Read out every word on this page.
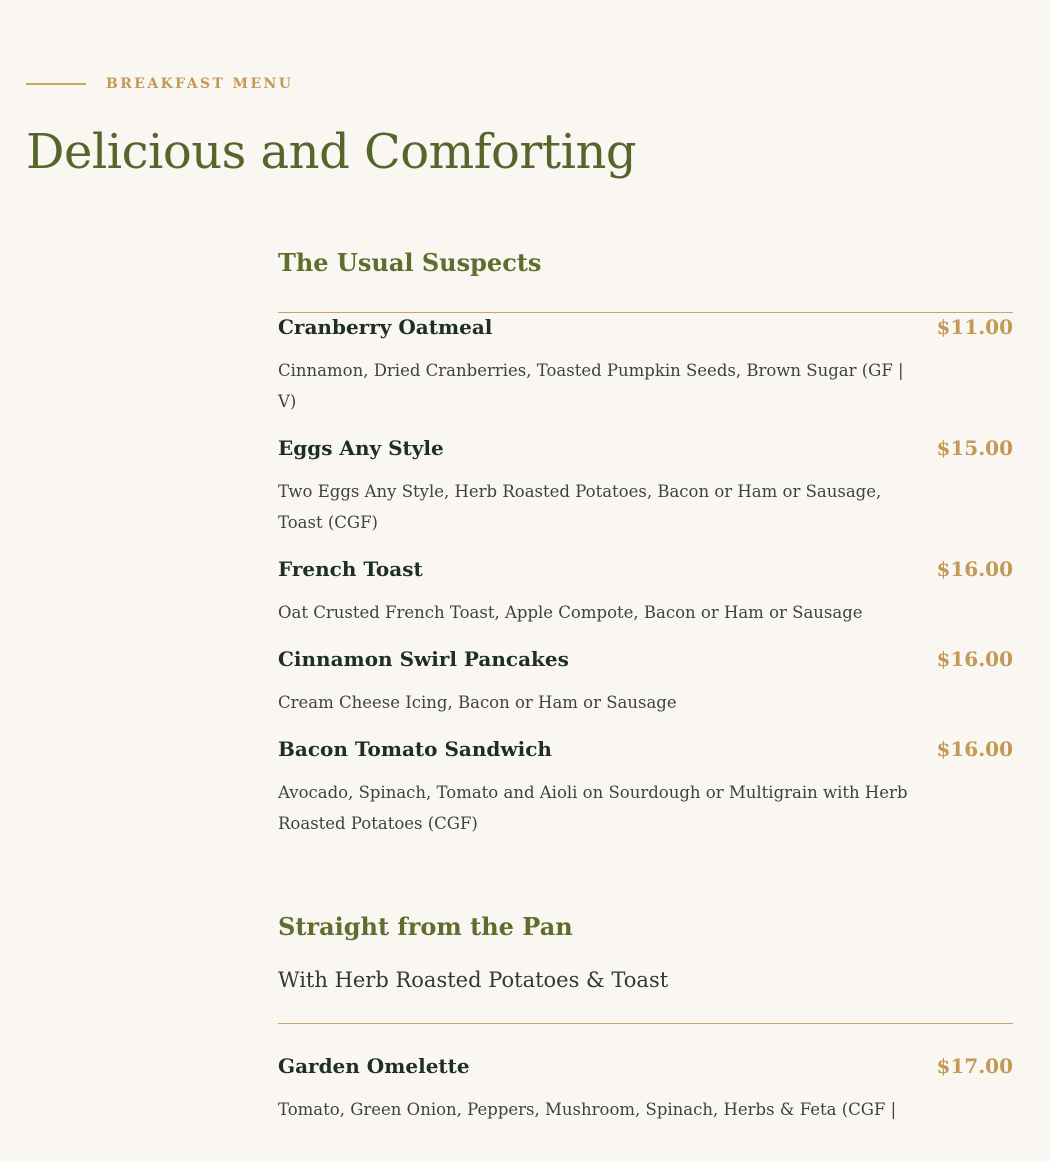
BREAKFAST MENU
Delicious and Comforting
The Usual Suspects
Cranberry Oatmeal	$11.00

Cinnamon, Dried Cranberries, Toasted Pumpkin Seeds, Brown Sugar (GF | V)

Eggs Any Style	$15.00

Two Eggs Any Style, Herb Roasted Potatoes, Bacon or Ham or Sausage, Toast (CGF)

French Toast	$16.00

Oat Crusted French Toast, Apple Compote, Bacon or Ham or Sausage

Cinnamon Swirl Pancakes	$16.00

Cream Cheese Icing, Bacon or Ham or Sausage

Bacon Tomato Sandwich	$16.00

Avocado, Spinach, Tomato and Aioli on Sourdough or Multigrain with Herb Roasted Potatoes (CGF)

Straight from the Pan
With Herb Roasted Potatoes & Toast
Garden Omelette	$17.00

Tomato, Green Onion, Peppers, Mushroom, Spinach, Herbs & Feta (CGF |
